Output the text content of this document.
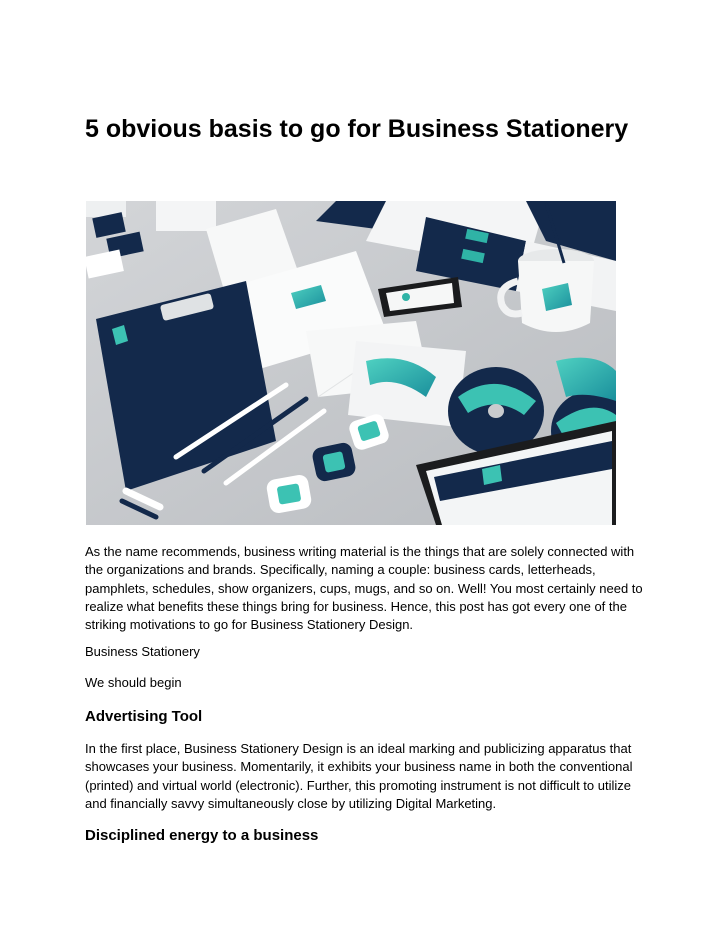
5 obvious basis to go for Business Stationery

As the name recommends, business writing material is the things that are solely connected with the organizations and brands. Specifically, naming a couple: business cards, letterheads, pamphlets, schedules, show organizers, cups, mugs, and so on. Well! You most certainly need to realize what benefits these things bring for business. Hence, this post has got every one of the striking motivations to go for Business Stationery Design.

Business Stationery

We should begin

Advertising Tool

In the first place, Business Stationery Design is an ideal marking and publicizing apparatus that showcases your business. Momentarily, it exhibits your business name in both the conventional (printed) and virtual world (electronic). Further, this promoting instrument is not difficult to utilize and financially savvy simultaneously close by utilizing Digital Marketing.

Disciplined energy to a business
